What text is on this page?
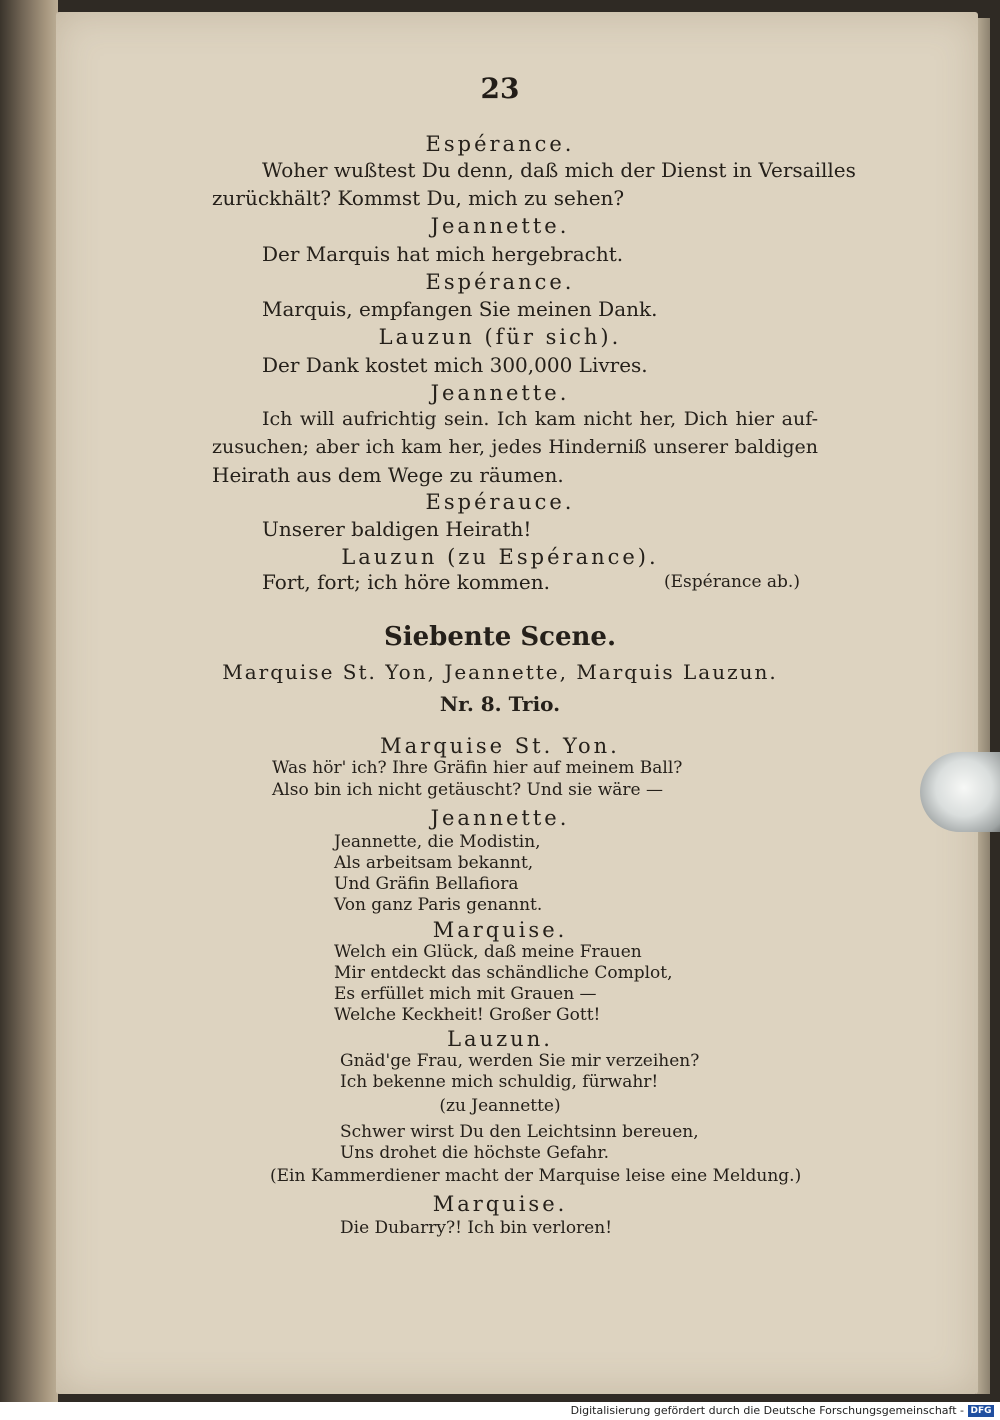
23
Espérance.
Woher wußtest Du denn, daß mich der Dienst in Versailles
zurückhält? Kommst Du, mich zu sehen?
Jeannette.
Der Marquis hat mich hergebracht.
Espérance.
Marquis, empfangen Sie meinen Dank.
Lauzun (für sich).
Der Dank kostet mich 300,000 Livres.
Jeannette.
Ich will aufrichtig sein. Ich kam nicht her, Dich hier auf-
zusuchen; aber ich kam her, jedes Hinderniß unserer baldigen
Heirath aus dem Wege zu räumen.
Espérauce.
Unserer baldigen Heirath!
Lauzun (zu Espérance).
Fort, fort; ich höre kommen.	(Espérance ab.)
Siebente Scene.
Marquise St. Yon, Jeannette, Marquis Lauzun.
Nr. 8. Trio.
Marquise St. Yon.
Was hör' ich? Ihre Gräfin hier auf meinem Ball?
Also bin ich nicht getäuscht? Und sie wäre —
Jeannette.
Jeannette, die Modistin,
Als arbeitsam bekannt,
Und Gräfin Bellafiora
Von ganz Paris genannt.
Marquise.
Welch ein Glück, daß meine Frauen
Mir entdeckt das schändliche Complot,
Es erfüllet mich mit Grauen —
Welche Keckheit! Großer Gott!
Lauzun.
Gnäd'ge Frau, werden Sie mir verzeihen?
Ich bekenne mich schuldig, fürwahr!
(zu Jeannette)
Schwer wirst Du den Leichtsinn bereuen,
Uns drohet die höchste Gefahr.
(Ein Kammerdiener macht der Marquise leise eine Meldung.)
Marquise.
Die Dubarry?! Ich bin verloren!
Digitalisierung gefördert durch die Deutsche Forschungsgemeinschaft - DFG
